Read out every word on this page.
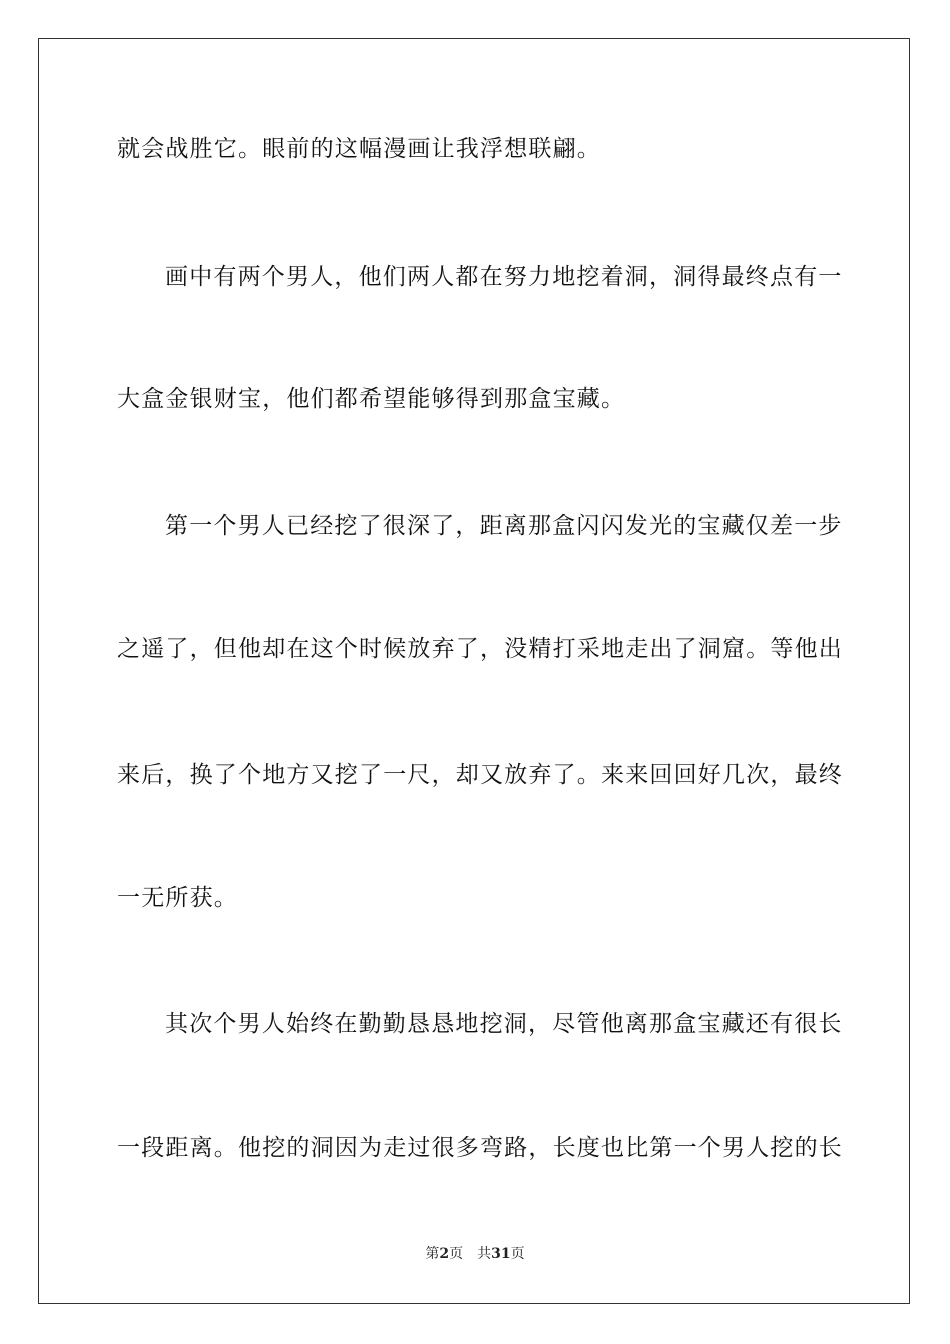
就会战胜它。眼前的这幅漫画让我浮想联翩。
画中有两个男人，他们两人都在努力地挖着洞，洞得最终点有一
大盒金银财宝，他们都希望能够得到那盒宝藏。
第一个男人已经挖了很深了，距离那盒闪闪发光的宝藏仅差一步
之遥了，但他却在这个时候放弃了，没精打采地走出了洞窟。等他出
来后，换了个地方又挖了一尺，却又放弃了。来来回回好几次，最终
一无所获。
其次个男人始终在勤勤恳恳地挖洞，尽管他离那盒宝藏还有很长
一段距离。他挖的洞因为走过很多弯路，长度也比第一个男人挖的长
第2页 共31页
